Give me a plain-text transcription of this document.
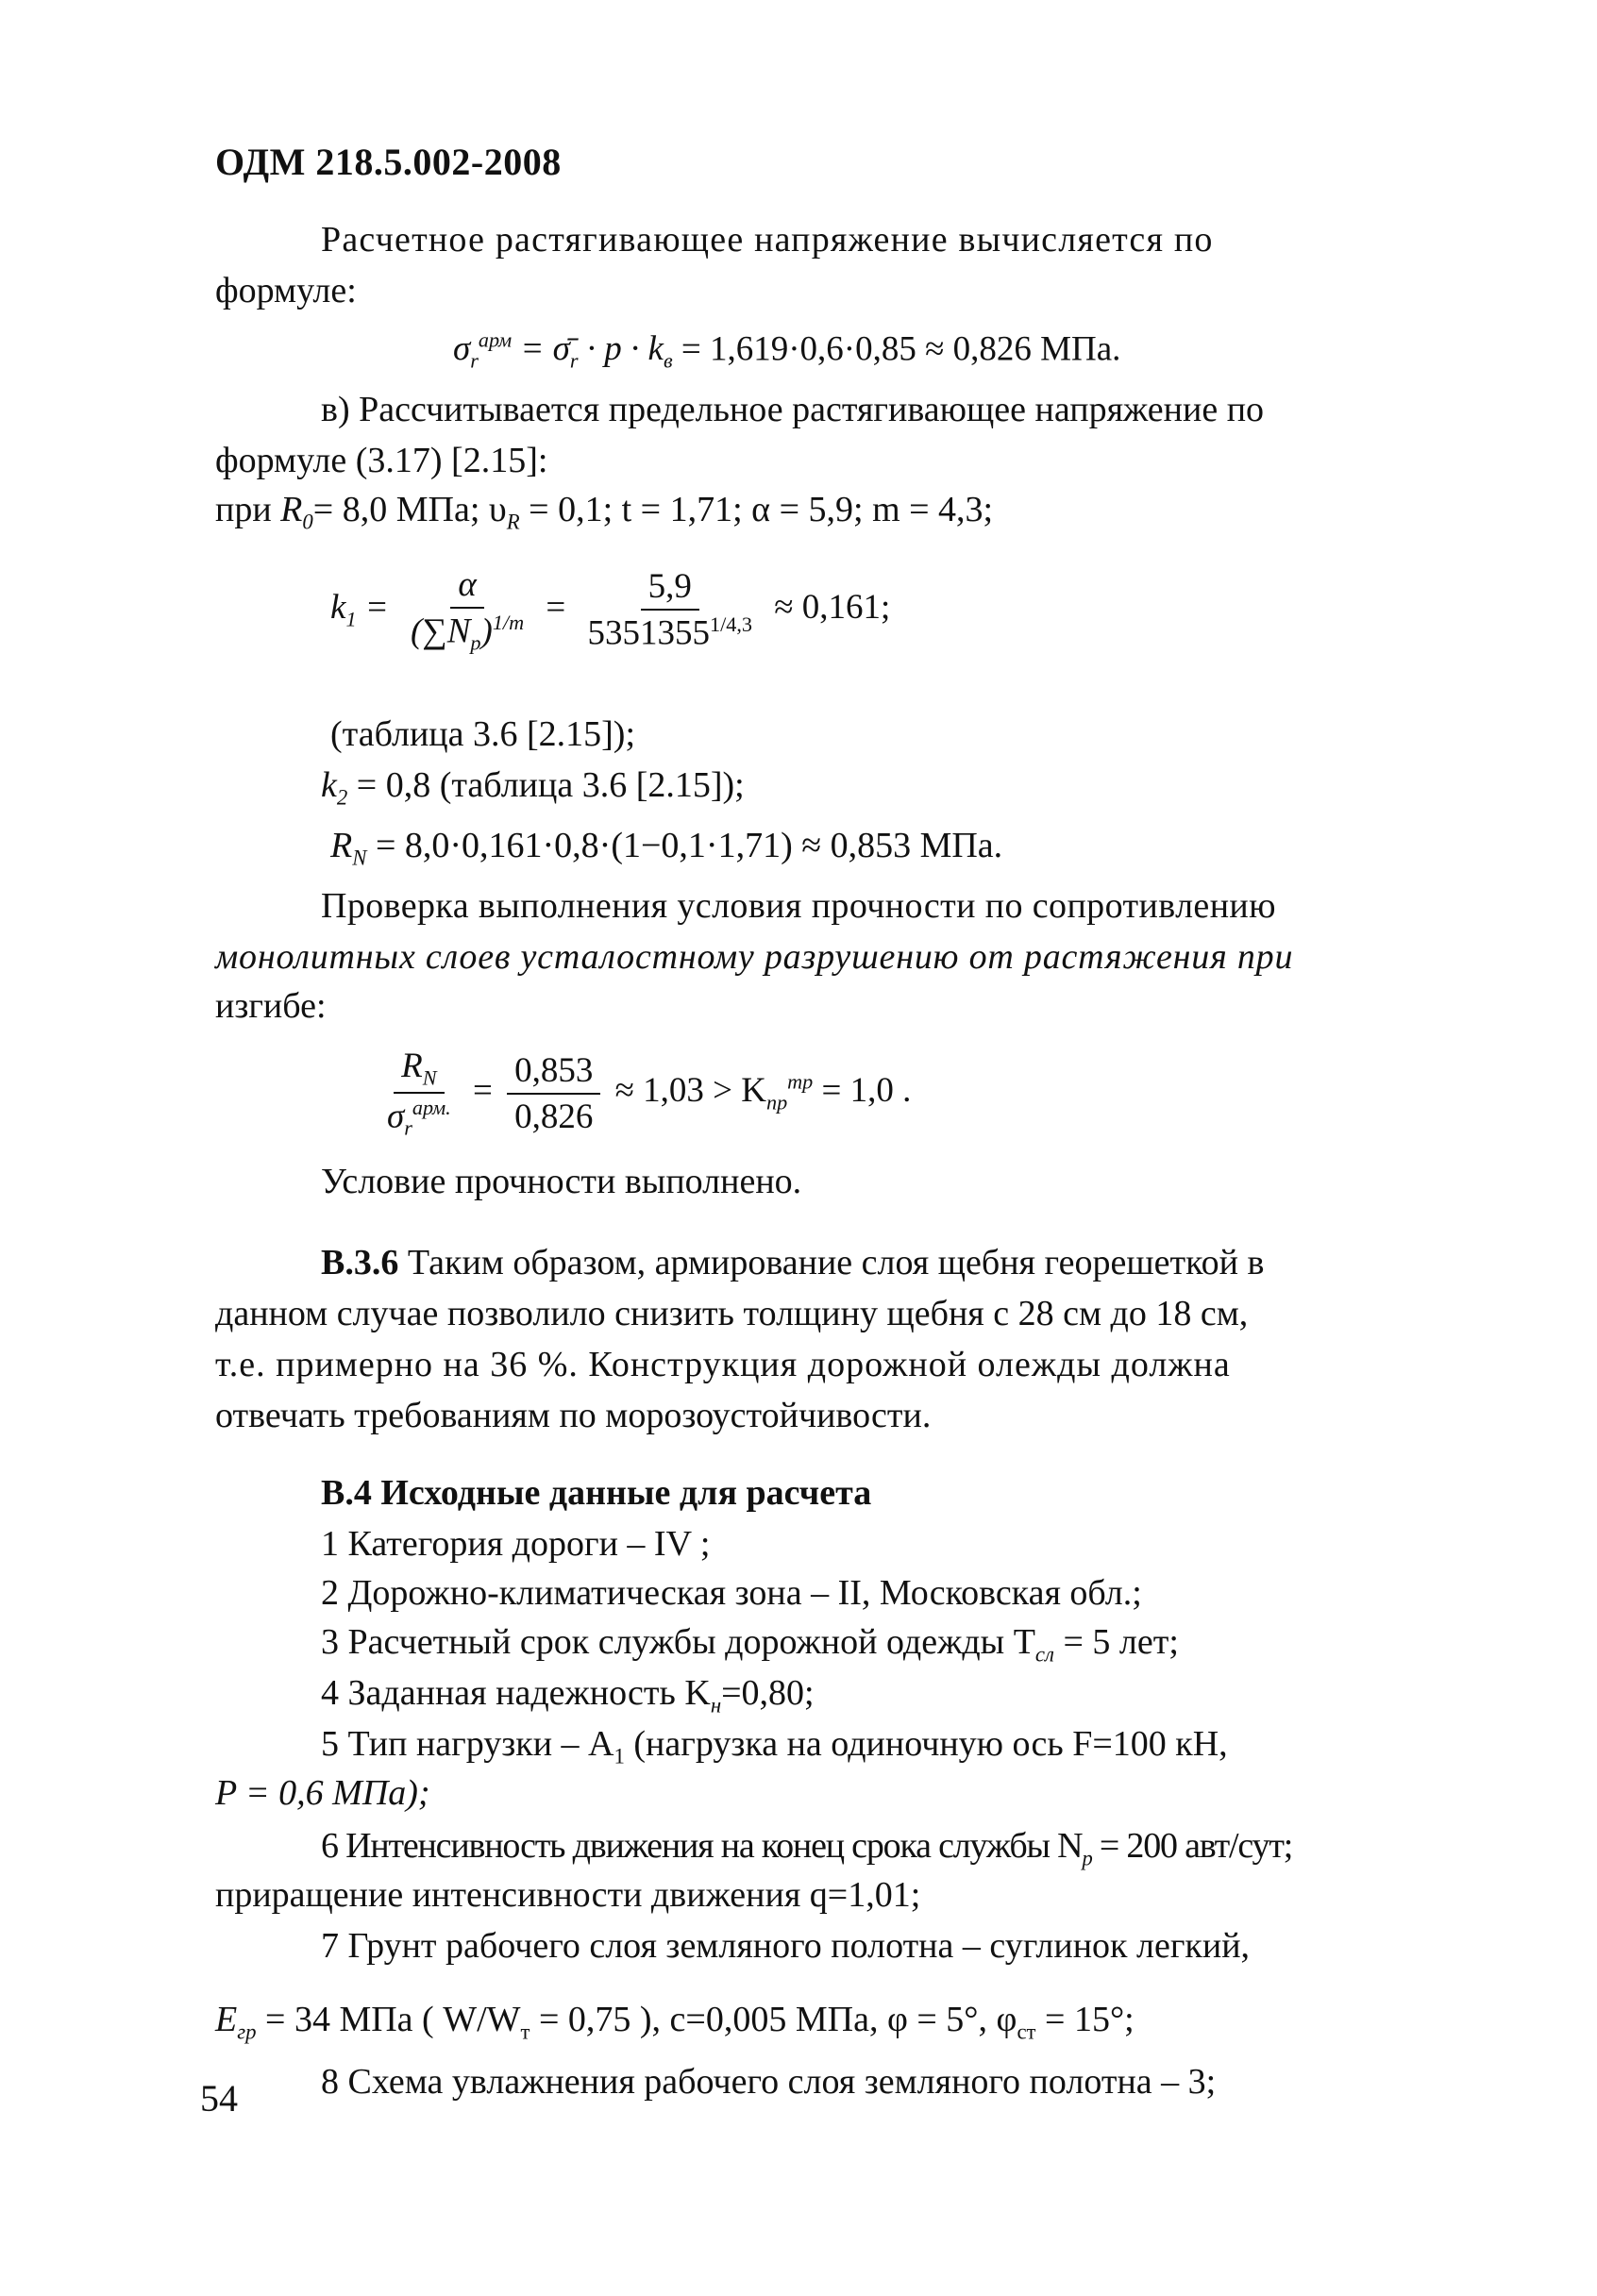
ОДМ 218.5.002-2008
Расчетное растягивающее напряжение вычисляется по
формуле:
$\sigma_r^{арм}$ = $\sigmā_r \cdot p \cdot k_в = 1,619\cdot 0,6\cdot 0,85 \approx 0,826$ МПа.
в) Рассчитывается предельное растягивающее напряжение по
формуле (3.17) [2.15]:
при $R_0= 8,0$ МПа; $\upsilon_R = 0,1$; t = 1,71; α = 5,9; m = 4,3;
$k_1 = \frac{\alpha}{(\sum N_p)^{1/m}} = \frac{5,9}{5351355^{1/4,3}} \approx 0,161$;
(таблица 3.6 [2.15]);
$k_2 = 0,8$ (таблица 3.6 [2.15]);
$R_N = 8,0\cdot 0,161\cdot 0,8\cdot(1-0,1\cdot 1,71) \approx 0,853$ МПа.
Проверка выполнения условия прочности по сопротивлению
монолитных слоев усталостному разрушению от растяжения при
изгибе:
$\frac{R_N}{\sigma_r^{арм.}} = \frac{0,853}{0,826} \approx 1,03 > K_{пр}^{тр} = 1,0$ .
Условие прочности выполнено.
В.3.6 Таким образом, армирование слоя щебня георешеткой в
данном случае позволило снизить толщину щебня с 28 см до 18 см,
т.е. примерно на 36 %. Конструкция дорожной олежды должна
отвечать требованиям по морозоустойчивости.
В.4 Исходные данные для расчета
1 Категория дороги – IV ;
2 Дорожно-климатическая зона – II, Московская обл.;
3 Расчетный срок службы дорожной одежды $T_{сл} = 5$ лет;
4 Заданная надежность $K_н=0,80$;
5 Тип нагрузки – $A_1$ (нагрузка на одиночную ось F=100 кН,
P = 0,6 МПа);
6 Интенсивность движения на конец срока службы $N_p = 200$ авт/сут;
приращение интенсивности движения q=1,01;
7 Грунт рабочего слоя земляного полотна – суглинок легкий,
$E_{гр} = 34$ МПа ( $W/W_т = 0,75$ ), c=0,005 МПа, φ = 5°, $\varphi_{ст} = 15^\circ$;
8 Схема увлажнения рабочего слоя земляного полотна – 3;
54
